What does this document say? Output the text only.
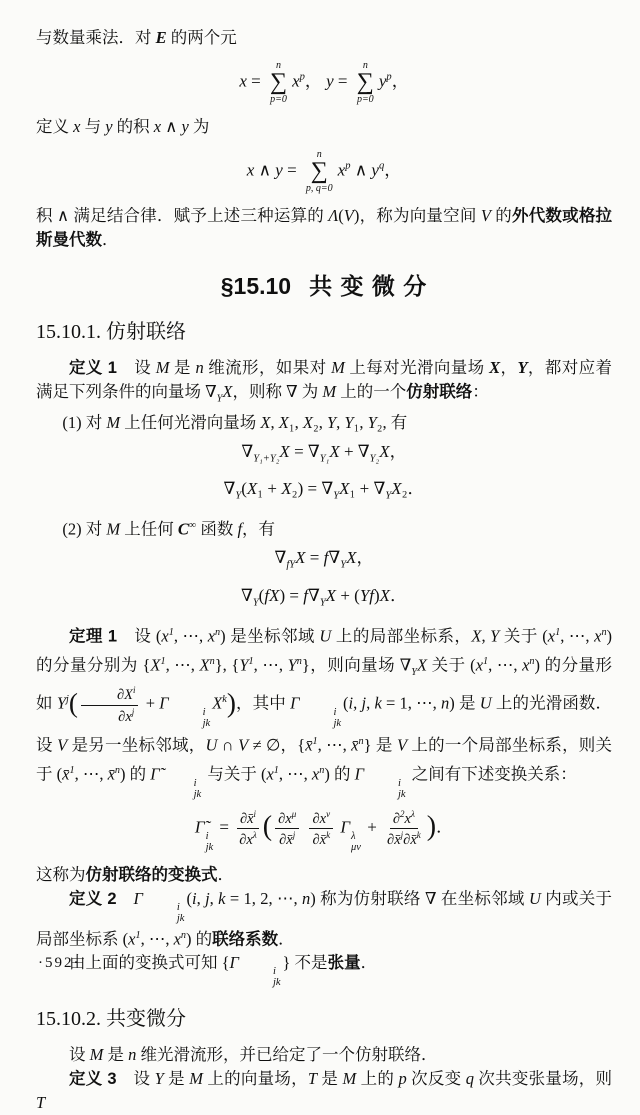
与数量乘法．对 E 的两个元
x =
n
∑
p=0
$x^p$， y =
n
∑
p=0
$y^p$，
定义 x 与 y 的积 x ∧ y 为
x ∧ y =
n
∑
p, q=0
$x^p$ ∧ $y^q$，
积 ∧ 满足结合律．赋予上述三种运算的 Λ(V)，称为向量空间 V 的外代数或格拉斯曼代数．
§15.10 共 变 微 分
15.10.1. 仿射联络
定义 1　设 M 是 n 维流形，如果对 M 上每对光滑向量场 X，Y，都对应着满足下列条件的向量场 $\nabla_YX$，则称 ∇ 为 M 上的一个仿射联络：
(1) 对 M 上任何光滑向量场 X, X₁, X₂, Y, Y₁, Y₂, 有
$\nabla_{Y_1+Y_2}X = \nabla_{Y_1}X + \nabla_{Y_2}X$，
$\nabla_Y(X_1 + X_2) = \nabla_YX_1 + \nabla_YX_2$．
(2) 对 M 上任何 C∞ 函数 f，有
$\nabla_{fY}X = f\nabla_YX$，
$\nabla_Y(fX) = f\nabla_YX + (Yf)X$．
定理 1　设 ($x^1$, ⋯, $x^n$) 是坐标邻域 U 上的局部坐标系，X, Y 关于 ($x^1$, ⋯, $x^n$) 的分量分别为 {$X^1$, ⋯, $X^n$}, {$Y^1$, ⋯, $Y^n$}，则向量场 $\nabla_YX$ 关于 ($x^1$, ⋯, $x^n$) 的分量形如 $Y^j( \frac{\partial X^i}{\partial x^j} + \Gamma$	i
jk
$X^k$)，其中 Γ	i
jk
(i, j, k = 1, ⋯, n) 是 U 上的光滑函数．设 V 是另一坐标邻域，U ∩ V ≠ ∅，{x̄$^1$, ⋯, x̄$^n$} 是 V 上的一个局部坐标系，则关于 (x̄$^1$, ⋯, x̄$^n$) 的 Γ̃	i
jk
与关于 ($x^1$, ⋯, $x^n$) 的 Γ	i
jk
之间有下述变换关系：
Γ̃ i
jk
= $\frac{\partial x̄^i}{\partial x^\lambda}$ ( $\frac{\partial x^\mu}{\partial x̄^j}$
$\frac{\partial x^\nu}{\partial x̄^k}$ Γ λ
μν
+ $\frac{\partial^2x^\lambda}{\partial x̄^j\partial x̄^k}$ )．
这称为仿射联络的变换式．
定义 2　 Γ	i
jk
(i, j, k = 1, 2, ⋯, n) 称为仿射联络 ∇ 在坐标邻域 U 内或关于局部坐标系 ($x^1$, ⋯, $x^n$) 的联络系数．
由上面的变换式可知 {Γ	i
jk
} 不是张量．
15.10.2. 共变微分
设 M 是 n 维光滑流形，并已给定了一个仿射联络．
定义 3　设 Y 是 M 上的向量场，T 是 M 上的 p 次反变 q 次共变张量场，则 T
·592·
